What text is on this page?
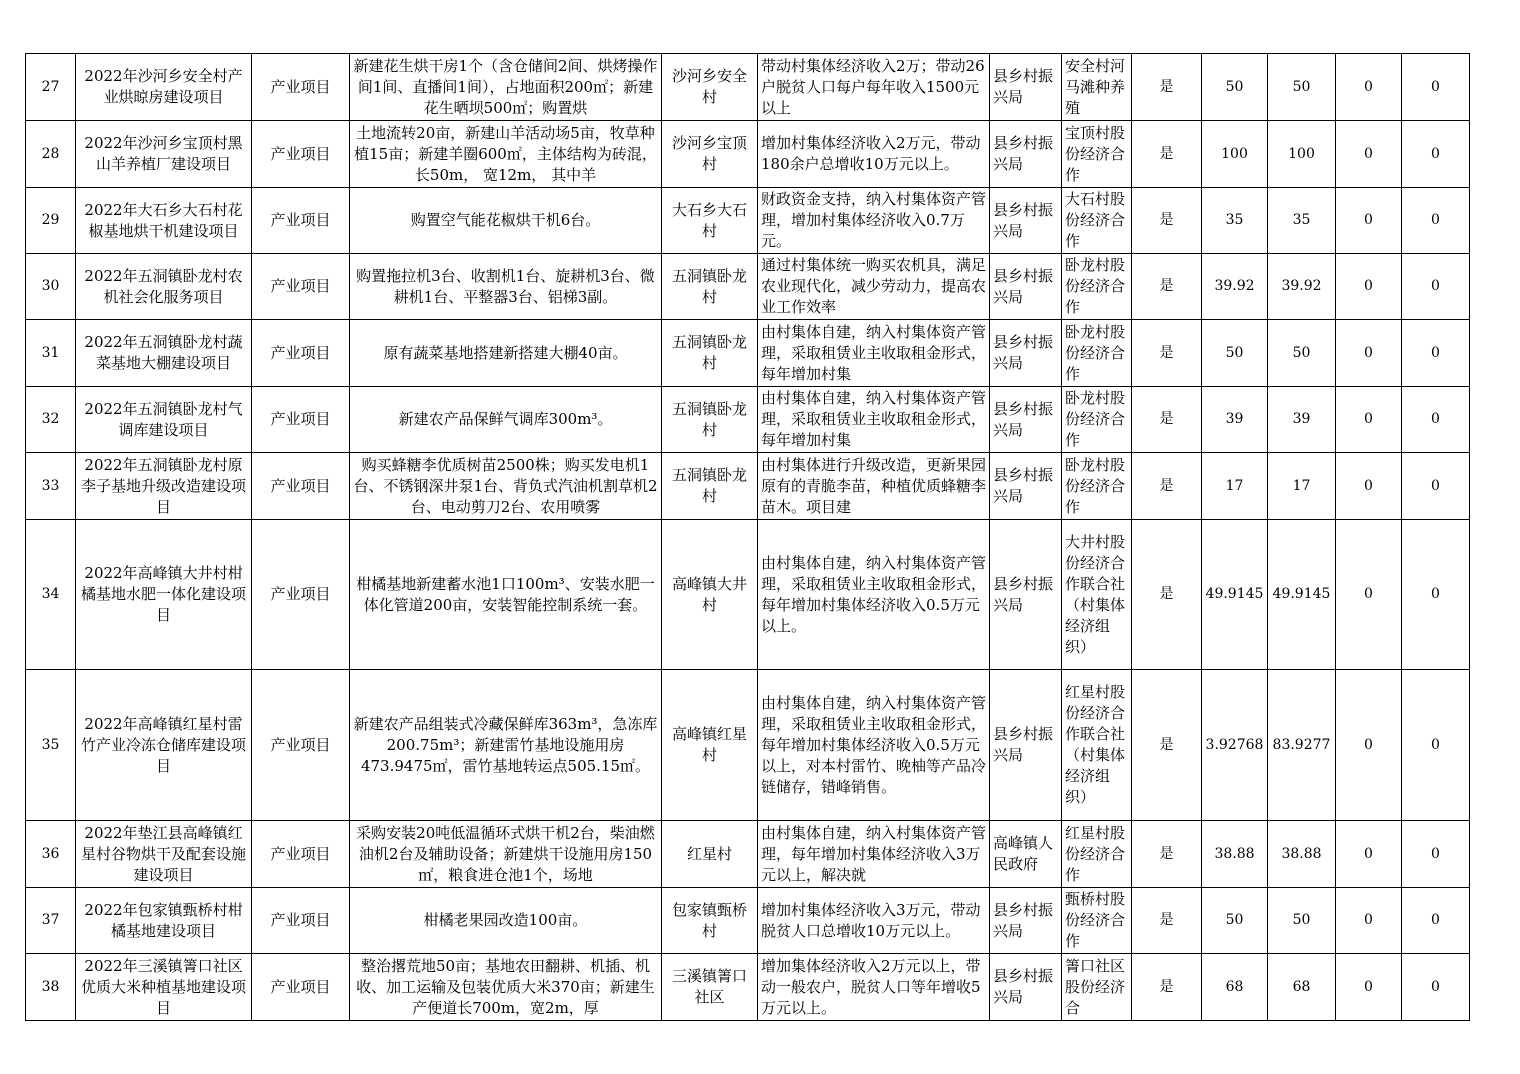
27	2022年沙河乡安全村产业烘晾房建设项目	产业项目	新建花生烘干房1个（含仓储间2间、烘烤操作间1间、直播间1间），占地面积200㎡；新建花生晒坝500㎡；购置烘	沙河乡安全村	带动村集体经济收入2万；带动26户脱贫人口每户每年收入1500元以上	县乡村振兴局	安全村河马滩种养殖	是	50	50	0	0

28	2022年沙河乡宝顶村黑山羊养植厂建设项目	产业项目	土地流转20亩，新建山羊活动场5亩，牧草种植15亩；新建羊圈600㎡，主体结构为砖混，长50m， 宽12m， 其中羊	沙河乡宝顶村	增加村集体经济收入2万元，带动180余户总增收10万元以上。	县乡村振兴局	宝顶村股份经济合作	是	100	100	0	0

29	2022年大石乡大石村花椒基地烘干机建设项目	产业项目	购置空气能花椒烘干机6台。	大石乡大石村	财政资金支持，纳入村集体资产管理，增加村集体经济收入0.7万元。	县乡村振兴局	大石村股份经济合作	是	35	35	0	0

30	2022年五洞镇卧龙村农机社会化服务项目	产业项目	购置拖拉机3台、收割机1台、旋耕机3台、微耕机1台、平整器3台、铝梯3副。	五洞镇卧龙村	通过村集体统一购买农机具，满足农业现代化，减少劳动力，提高农业工作效率	县乡村振兴局	卧龙村股份经济合作	是	39.92	39.92	0	0

31	2022年五洞镇卧龙村蔬菜基地大棚建设项目	产业项目	原有蔬菜基地搭建新搭建大棚40亩。	五洞镇卧龙村	由村集体自建，纳入村集体资产管理，采取租赁业主收取租金形式，每年增加村集	县乡村振兴局	卧龙村股份经济合作	是	50	50	0	0

32	2022年五洞镇卧龙村气调库建设项目	产业项目	新建农产品保鲜气调库300m³。	五洞镇卧龙村	由村集体自建，纳入村集体资产管理，采取租赁业主收取租金形式，每年增加村集	县乡村振兴局	卧龙村股份经济合作	是	39	39	0	0

33	2022年五洞镇卧龙村原李子基地升级改造建设项目	产业项目	购买蜂糖李优质树苗2500株；购买发电机1台、不锈钢深井泵1台、背负式汽油机割草机2台、电动剪刀2台、农用喷雾	五洞镇卧龙村	由村集体进行升级改造，更新果园原有的青脆李苗，种植优质蜂糖李苗木。项目建	县乡村振兴局	卧龙村股份经济合作	是	17	17	0	0

34	2022年高峰镇大井村柑橘基地水肥一体化建设项目	产业项目	柑橘基地新建蓄水池1口100m³、安装水肥一体化管道200亩，安装智能控制系统一套。	高峰镇大井村	由村集体自建，纳入村集体资产管理，采取租赁业主收取租金形式，每年增加村集体经济收入0.5万元以上。	县乡村振兴局	大井村股份经济合作联合社（村集体经济组织）	是	49.9145	49.9145	0	0

35	2022年高峰镇红星村雷竹产业冷冻仓储库建设项目	产业项目	新建农产品组装式冷藏保鲜库363m³，急冻库200.75m³；新建雷竹基地设施用房473.9475㎡，雷竹基地转运点505.15㎡。	高峰镇红星村	由村集体自建，纳入村集体资产管理，采取租赁业主收取租金形式，每年增加村集体经济收入0.5万元以上，对本村雷竹、晚柚等产品冷链储存，错峰销售。	县乡村振兴局	红星村股份经济合作联合社（村集体经济组织）	是	3.92768	83.9277	0	0

36	2022年垫江县高峰镇红星村谷物烘干及配套设施建设项目	产业项目	采购安装20吨低温循环式烘干机2台，柴油燃油机2台及辅助设备；新建烘干设施用房150㎡，粮食进仓池1个，场地	红星村	由村集体自建，纳入村集体资产管理，每年增加村集体经济收入3万元以上，解决就	高峰镇人民政府	红星村股份经济合作	是	38.88	38.88	0	0

37	2022年包家镇甄桥村柑橘基地建设项目	产业项目	柑橘老果园改造100亩。	包家镇甄桥村	增加村集体经济收入3万元，带动脱贫人口总增收10万元以上。	县乡村振兴局	甄桥村股份经济合作	是	50	50	0	0

38	2022年三溪镇箐口社区优质大米种植基地建设项目	产业项目	整治撂荒地50亩；基地农田翻耕、机插、机收、加工运输及包装优质大米370亩；新建生产便道长700m，宽2m，厚	三溪镇箐口社区	增加集体经济收入2万元以上，带动一般农户，脱贫人口等年增收5万元以上。	县乡村振兴局	箐口社区股份经济合	是	68	68	0	0
